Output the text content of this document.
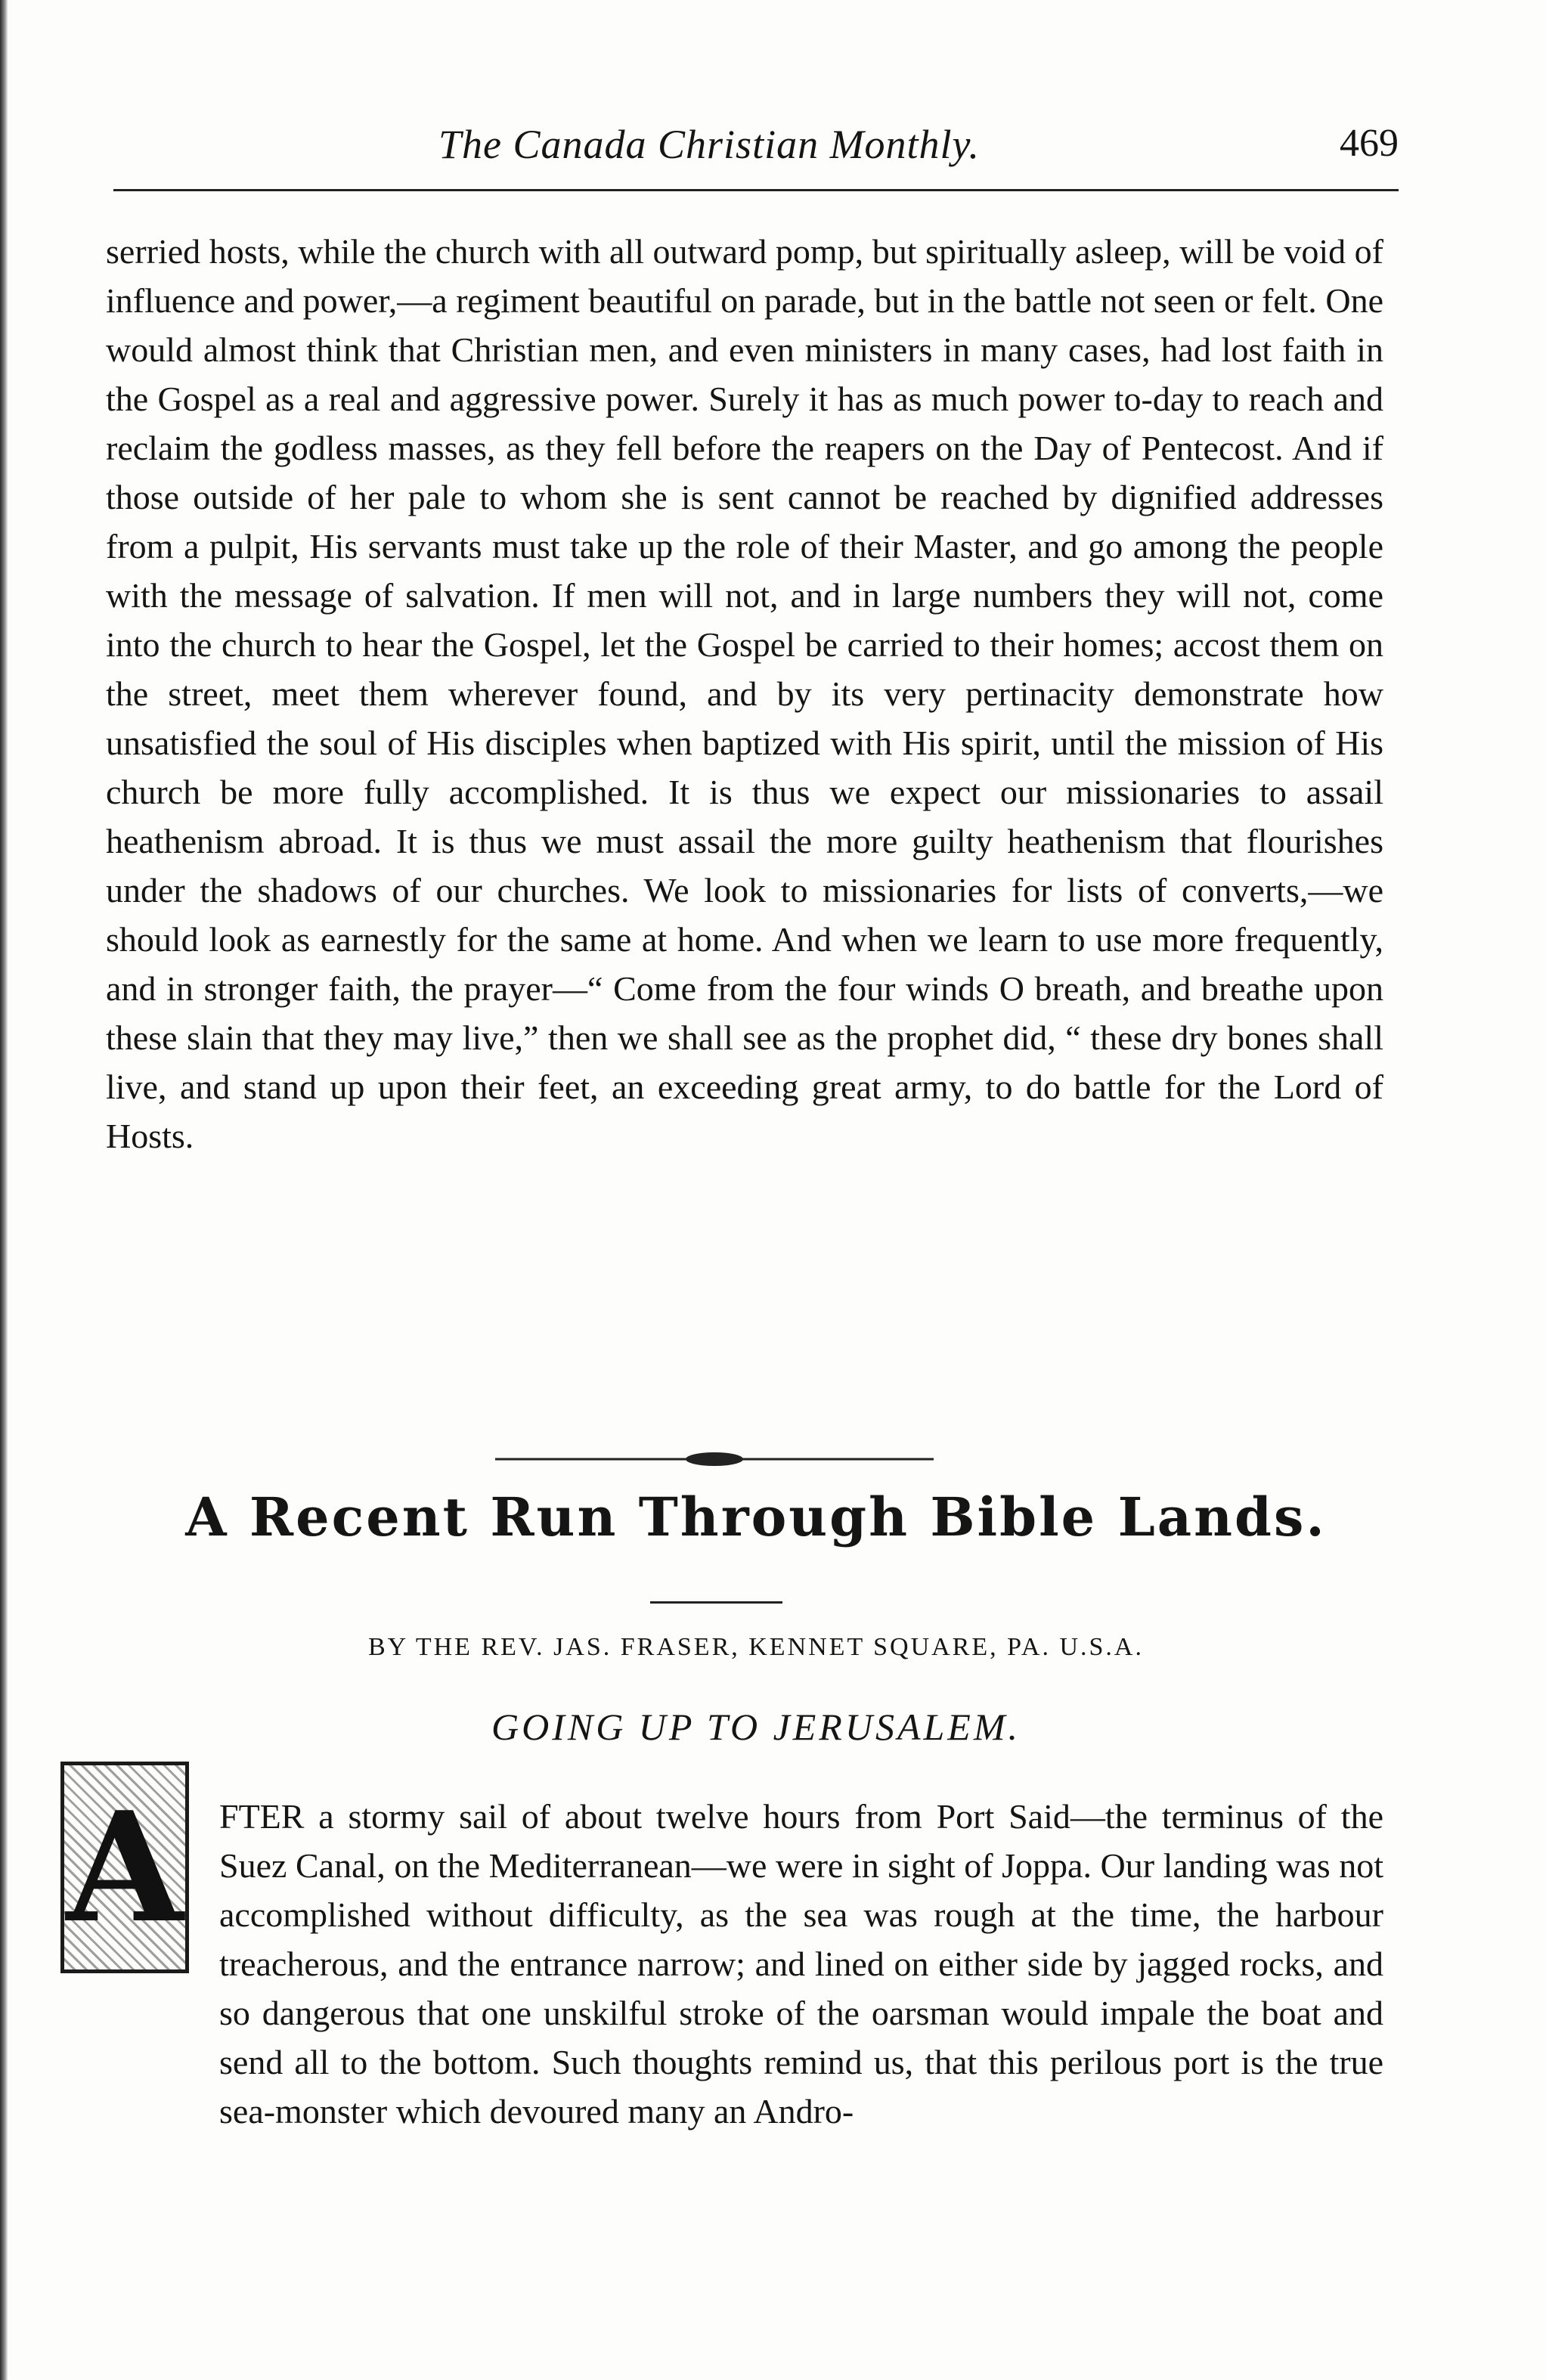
The Canada Christian Monthly.	469

serried hosts, while the church with all outward pomp, but spiritually asleep, will be void of influence and power,—a regiment beautiful on parade, but in the battle not seen or felt. One would almost think that Christian men, and even ministers in many cases, had lost faith in the Gospel as a real and aggressive power. Surely it has as much power to-day to reach and reclaim the godless masses, as they fell before the reapers on the Day of Pentecost. And if those outside of her pale to whom she is sent cannot be reached by dignified addresses from a pulpit, His servants must take up the role of their Master, and go among the people with the message of salvation. If men will not, and in large numbers they will not, come into the church to hear the Gospel, let the Gospel be carried to their homes; accost them on the street, meet them wherever found, and by its very pertinacity demonstrate how unsatisfied the soul of His disciples when baptized with His spirit, until the mission of His church be more fully accomplished. It is thus we expect our missionaries to assail heathenism abroad. It is thus we must assail the more guilty heathenism that flourishes under the shadows of our churches. We look to missionaries for lists of converts,—we should look as earnestly for the same at home. And when we learn to use more frequently, and in stronger faith, the prayer—“ Come from the four winds O breath, and breathe upon these slain that they may live,” then we shall see as the prophet did, “ these dry bones shall live, and stand up upon their feet, an exceeding great army, to do battle for the Lord of Hosts.

A Recent Run Through Bible Lands.
BY THE REV. JAS. FRASER, KENNET SQUARE, PA. U.S.A.
GOING UP TO JERUSALEM.
A FTER a stormy sail of about twelve hours from Port Said—the terminus of the Suez Canal, on the Mediterranean—we were in sight of Joppa. Our landing was not accomplished without difficulty, as the sea was rough at the time, the harbour treacherous, and the entrance narrow; and lined on either side by jagged rocks, and so dangerous that one unskilful stroke of the oarsman would impale the boat and send all to the bottom. Such thoughts remind us, that this perilous port is the true sea-monster which devoured many an Andro-
